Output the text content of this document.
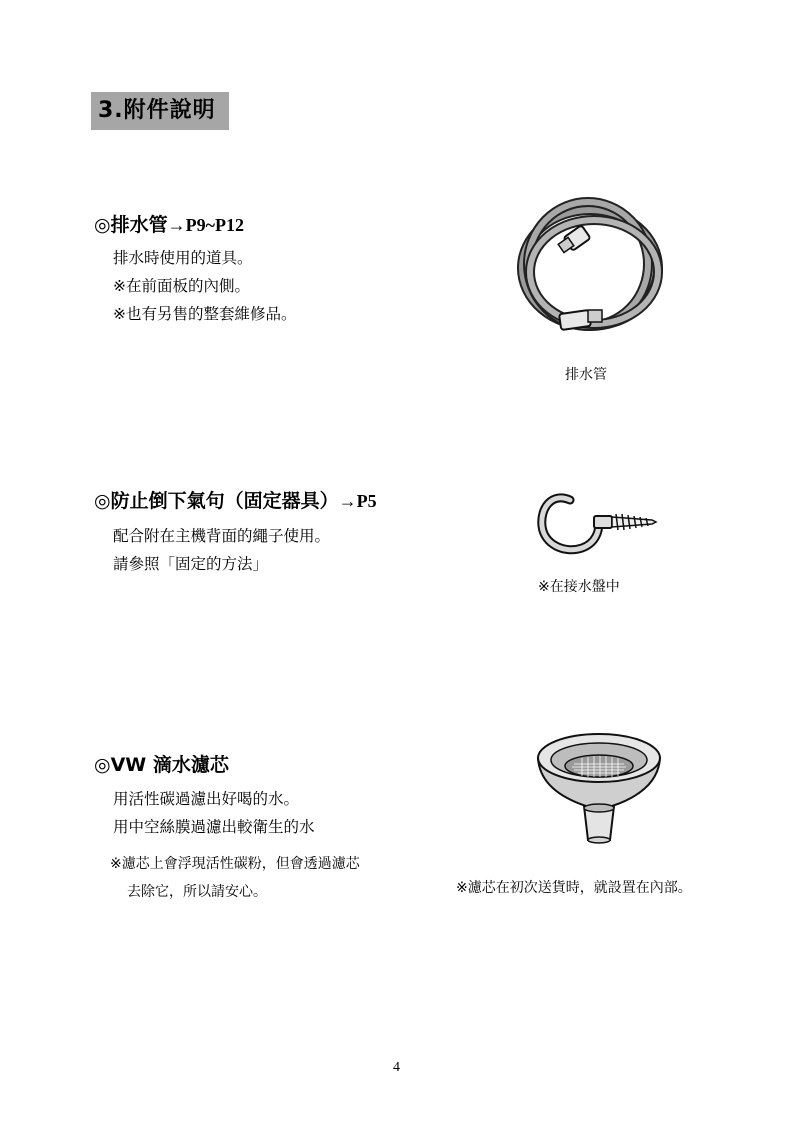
3.附件說明
◎排水管→P9~P12
排水時使用的道具。
※在前面板的內側。
※也有另售的整套維修品。
排水管
◎防止倒下氣句（固定器具）→P5
配合附在主機背面的繩子使用。
請參照「固定的方法」
※在接水盤中
◎VW 滴水濾芯
用活性碳過濾出好喝的水。
用中空絲膜過濾出較衛生的水
※濾芯上會浮現活性碳粉，但會透過濾芯
去除它，所以請安心。	※濾芯在初次送貨時，就設置在內部。
4
